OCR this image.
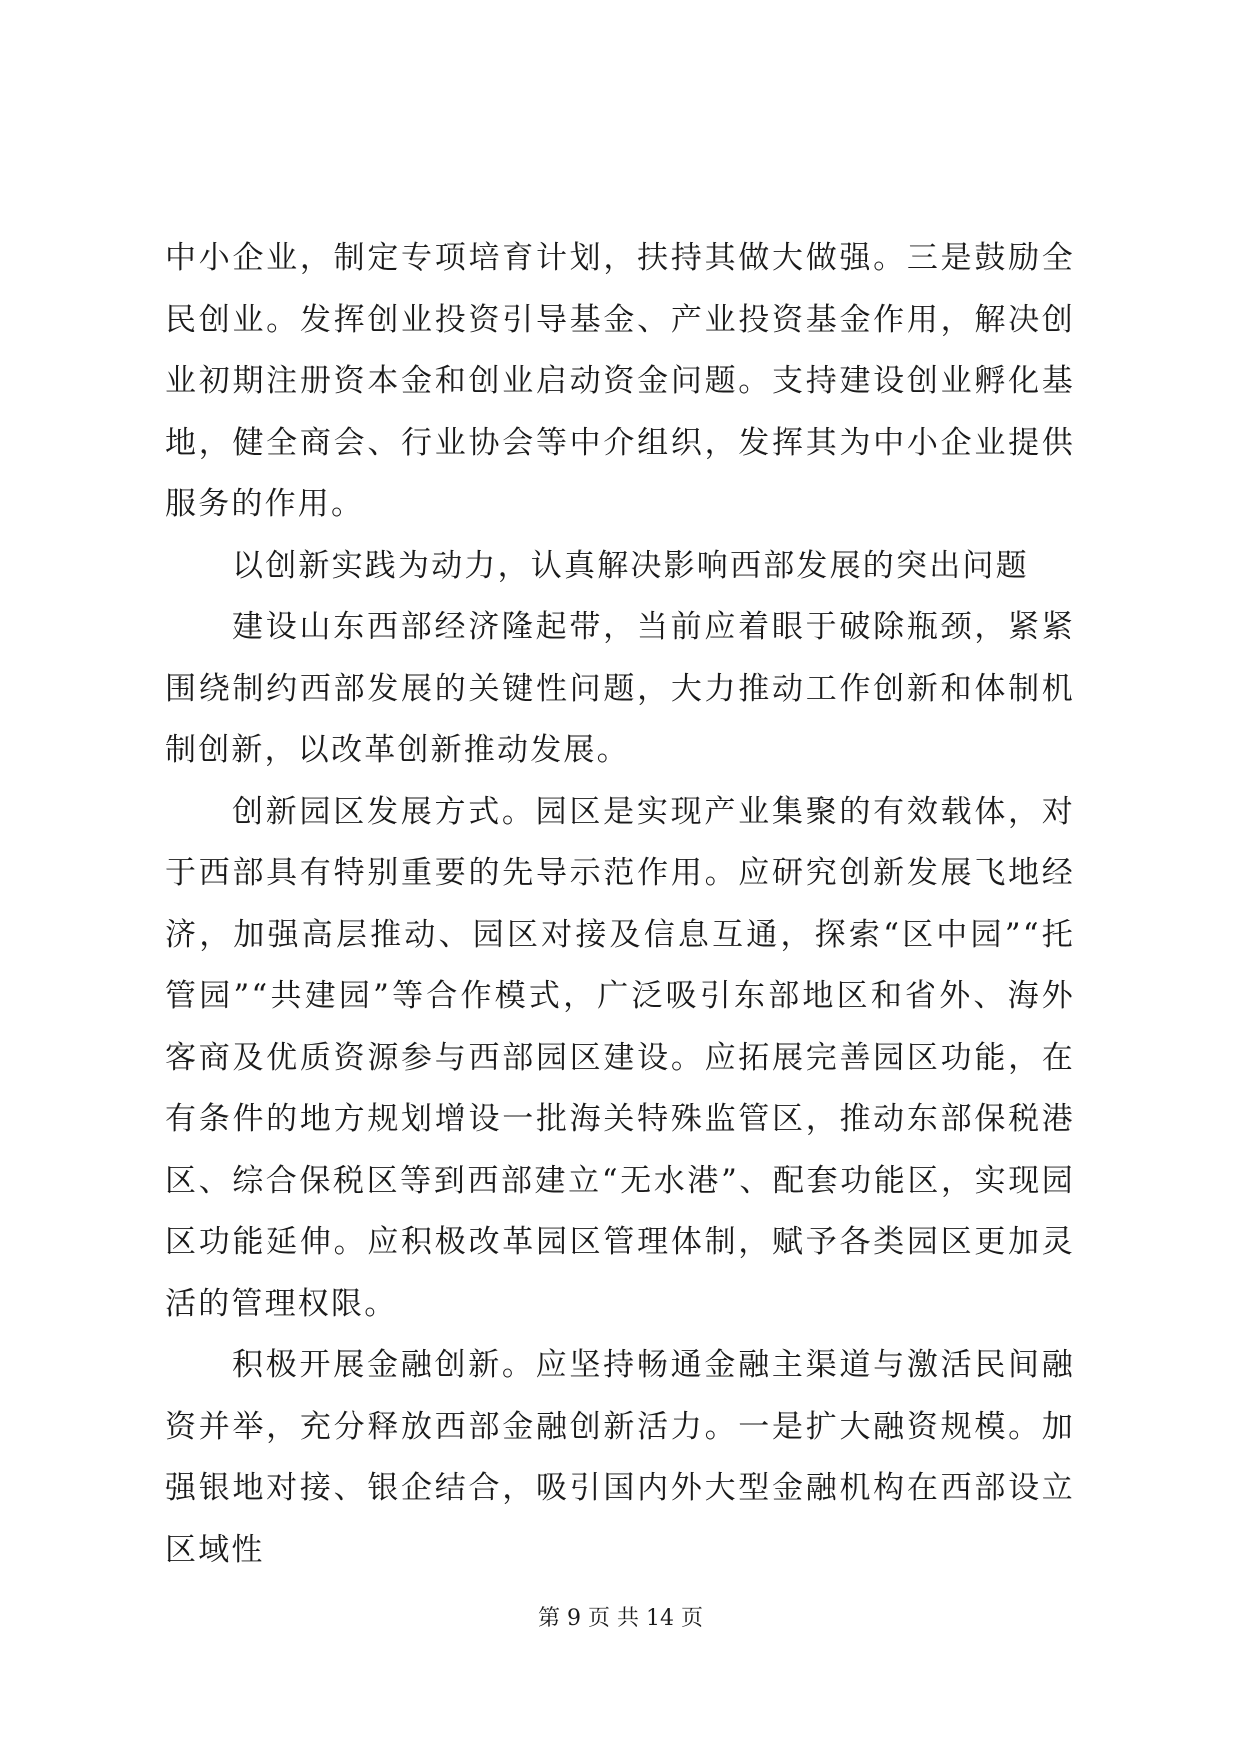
中小企业，制定专项培育计划，扶持其做大做强。三是鼓励全民创业。发挥创业投资引导基金、产业投资基金作用，解决创业初期注册资本金和创业启动资金问题。支持建设创业孵化基地，健全商会、行业协会等中介组织，发挥其为中小企业提供服务的作用。

以创新实践为动力，认真解决影响西部发展的突出问题

建设山东西部经济隆起带，当前应着眼于破除瓶颈，紧紧围绕制约西部发展的关键性问题，大力推动工作创新和体制机制创新，以改革创新推动发展。

创新园区发展方式。园区是实现产业集聚的有效载体，对于西部具有特别重要的先导示范作用。应研究创新发展飞地经济，加强高层推动、园区对接及信息互通，探索“区中园”“托管园”“共建园”等合作模式，广泛吸引东部地区和省外、海外客商及优质资源参与西部园区建设。应拓展完善园区功能，在有条件的地方规划增设一批海关特殊监管区，推动东部保税港区、综合保税区等到西部建立“无水港”、配套功能区，实现园区功能延伸。应积极改革园区管理体制，赋予各类园区更加灵活的管理权限。

积极开展金融创新。应坚持畅通金融主渠道与激活民间融资并举，充分释放西部金融创新活力。一是扩大融资规模。加强银地对接、银企结合，吸引国内外大型金融机构在西部设立区域性

第 9 页 共 14 页
